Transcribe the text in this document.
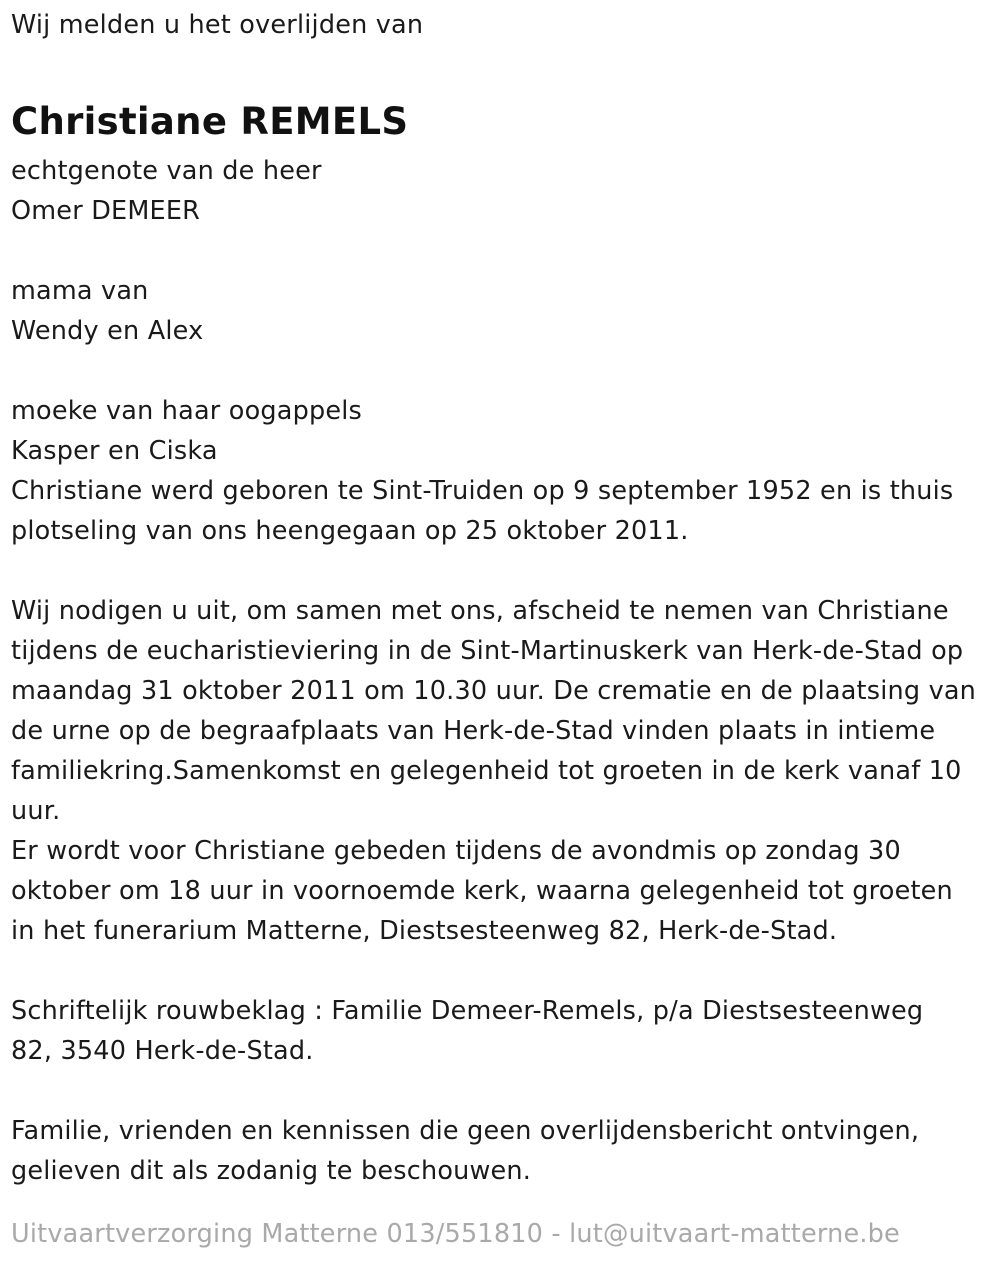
Wij melden u het overlijden van
Christiane REMELS
echtgenote van de heer
Omer DEMEER
mama van
Wendy en Alex
moeke van haar oogappels
Kasper en Ciska
Christiane werd geboren te Sint-Truiden op 9 september 1952 en is thuis
plotseling van ons heengegaan op 25 oktober 2011.
Wij nodigen u uit, om samen met ons, afscheid te nemen van Christiane
tijdens de eucharistieviering in de Sint-Martinuskerk van Herk-de-Stad op
maandag 31 oktober 2011 om 10.30 uur. De crematie en de plaatsing van
de urne op de begraafplaats van Herk-de-Stad vinden plaats in intieme
familiekring.Samenkomst en gelegenheid tot groeten in de kerk vanaf 10
uur.
Er wordt voor Christiane gebeden tijdens de avondmis op zondag 30
oktober om 18 uur in voornoemde kerk, waarna gelegenheid tot groeten
in het funerarium Matterne, Diestsesteenweg 82, Herk-de-Stad.
Schriftelijk rouwbeklag : Familie Demeer-Remels, p/a Diestsesteenweg
82, 3540 Herk-de-Stad.
Familie, vrienden en kennissen die geen overlijdensbericht ontvingen,
gelieven dit als zodanig te beschouwen.
Uitvaartverzorging Matterne 013/551810 - lut@uitvaart-matterne.be
